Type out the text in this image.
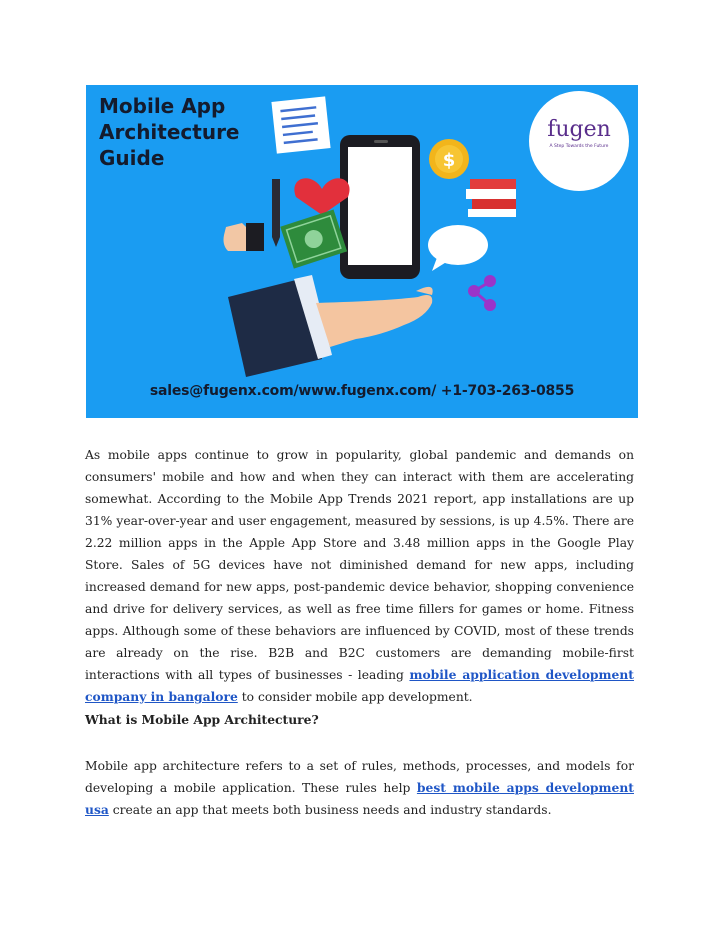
Mobile App
Architecture
Guide
fugen
A Step Towards the Future
$
sales@fugenx.com/www.fugenx.com/ +1-703-263-0855

As mobile apps continue to grow in popularity, global pandemic and demands on consumers' mobile and how and when they can interact with them are accelerating somewhat. According to the Mobile App Trends 2021 report, app installations are up 31% year-over-year and user engagement, measured by sessions, is up 4.5%. There are 2.22 million apps in the Apple App Store and 3.48 million apps in the Google Play Store. Sales of 5G devices have not diminished demand for new apps, including increased demand for new apps, post-pandemic device behavior, shopping convenience and drive for delivery services, as well as free time fillers for games or home. Fitness apps. Although some of these behaviors are influenced by COVID, most of these trends are already on the rise. B2B and B2C customers are demanding mobile-first interactions with all types of businesses - leading mobile application development company in bangalore to consider mobile app development.

What is Mobile App Architecture?

Mobile app architecture refers to a set of rules, methods, processes, and models for developing a mobile application. These rules help best mobile apps development usa create an app that meets both business needs and industry standards.
